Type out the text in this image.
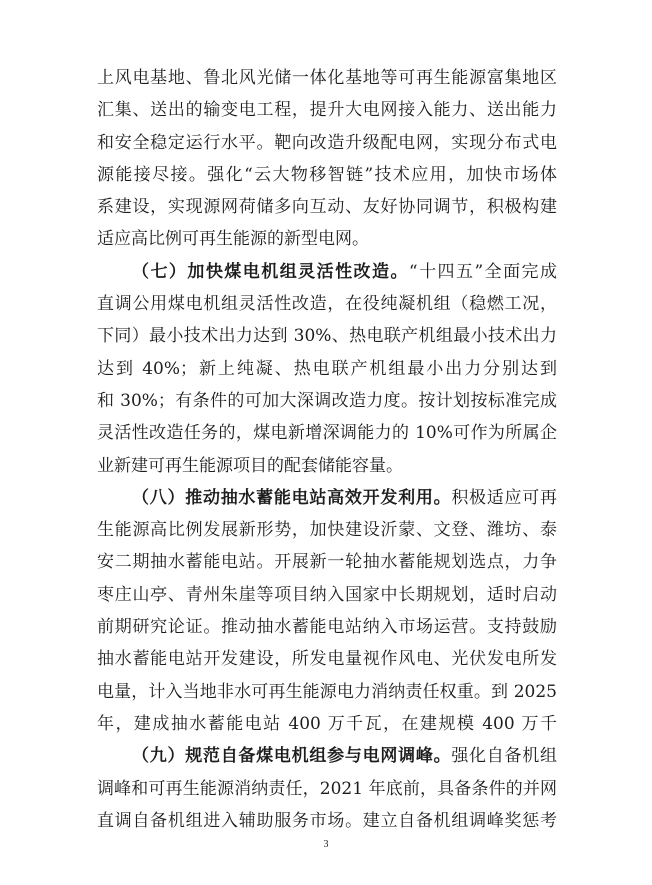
上风电基地、鲁北风光储一体化基地等可再生能源富集地区
汇集、送出的输变电工程，提升大电网接入能力、送出能力
和安全稳定运行水平。靶向改造升级配电网，实现分布式电
源能接尽接。强化“云大物移智链”技术应用，加快市场体
系建设，实现源网荷储多向互动、友好协同调节，积极构建
适应高比例可再生能源的新型电网。
（七）加快煤电机组灵活性改造。“十四五”全面完成
直调公用煤电机组灵活性改造，在役纯凝机组（稳燃工况，
下同）最小技术出力达到 30%、热电联产机组最小技术出力
达到 40%；新上纯凝、热电联产机组最小出力分别达到
和 30%；有条件的可加大深调改造力度。按计划按标准完成
灵活性改造任务的，煤电新增深调能力的 10%可作为所属企
业新建可再生能源项目的配套储能容量。
（八）推动抽水蓄能电站高效开发利用。积极适应可再
生能源高比例发展新形势，加快建设沂蒙、文登、潍坊、泰
安二期抽水蓄能电站。开展新一轮抽水蓄能规划选点，力争
枣庄山亭、青州朱崖等项目纳入国家中长期规划，适时启动
前期研究论证。推动抽水蓄能电站纳入市场运营。支持鼓励
抽水蓄能电站开发建设，所发电量视作风电、光伏发电所发
电量，计入当地非水可再生能源电力消纳责任权重。到 2025
年，建成抽水蓄能电站 400 万千瓦，在建规模 400 万千
（九）规范自备煤电机组参与电网调峰。强化自备机组
调峰和可再生能源消纳责任，2021 年底前，具备条件的并网
直调自备机组进入辅助服务市场。建立自备机组调峰奖惩考
3
